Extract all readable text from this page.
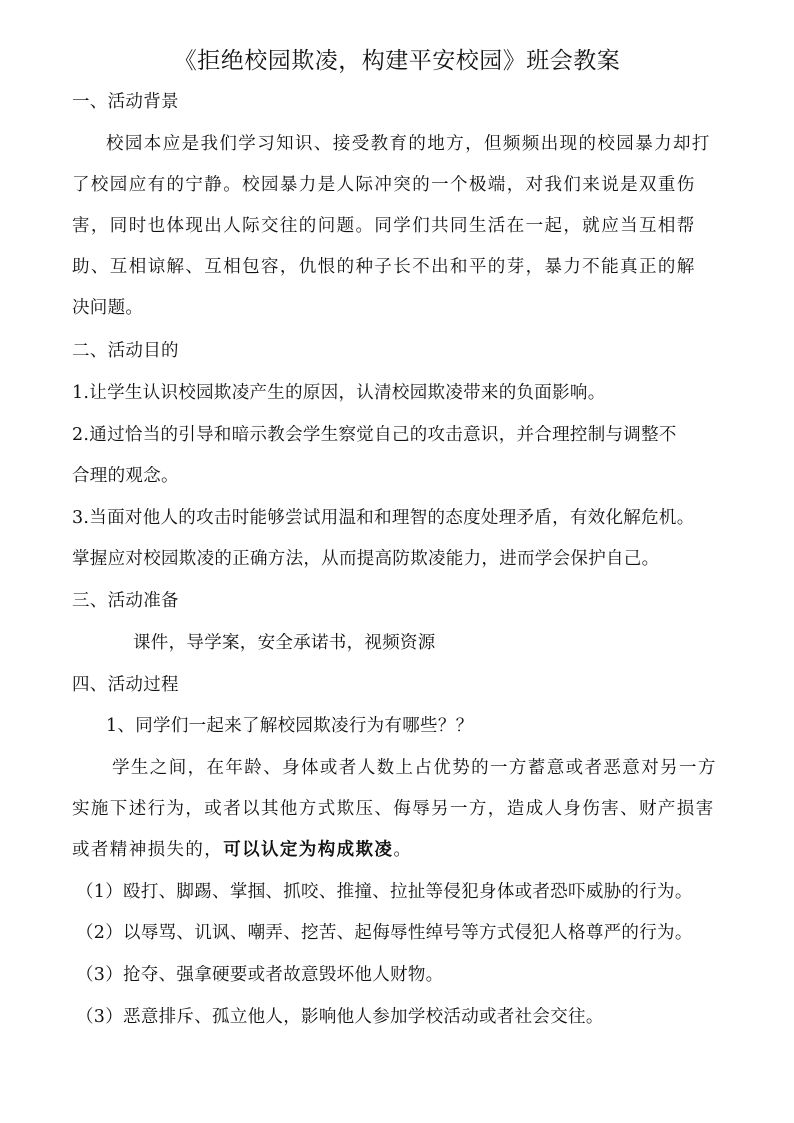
《拒绝校园欺凌，构建平安校园》班会教案
一、活动背景
校园本应是我们学习知识、接受教育的地方，但频频出现的校园暴力却打
了校园应有的宁静。校园暴力是人际冲突的一个极端，对我们来说是双重伤
害，同时也体现出人际交往的问题。同学们共同生活在一起，就应当互相帮
助、互相谅解、互相包容，仇恨的种子长不出和平的芽，暴力不能真正的解
决问题。
二、活动目的
1.让学生认识校园欺凌产生的原因，认清校园欺凌带来的负面影响。
2.通过恰当的引导和暗示教会学生察觉自己的攻击意识，并合理控制与调整不
合理的观念。
3.当面对他人的攻击时能够尝试用温和和理智的态度处理矛盾，有效化解危机。
掌握应对校园欺凌的正确方法，从而提高防欺凌能力，进而学会保护自己。
三、活动准备
课件，导学案，安全承诺书，视频资源
四、活动过程
1、同学们一起来了解校园欺凌行为有哪些？？
学生之间，在年龄、身体或者人数上占优势的一方蓄意或者恶意对另一方
实施下述行为，或者以其他方式欺压、侮辱另一方，造成人身伤害、财产损害
或者精神损失的，可以认定为构成欺凌。
（1）殴打、脚踢、掌掴、抓咬、推撞、拉扯等侵犯身体或者恐吓威胁的行为。
（2）以辱骂、讥讽、嘲弄、挖苦、起侮辱性绰号等方式侵犯人格尊严的行为。
（3）抢夺、强拿硬要或者故意毁坏他人财物。
（3）恶意排斥、孤立他人，影响他人参加学校活动或者社会交往。
